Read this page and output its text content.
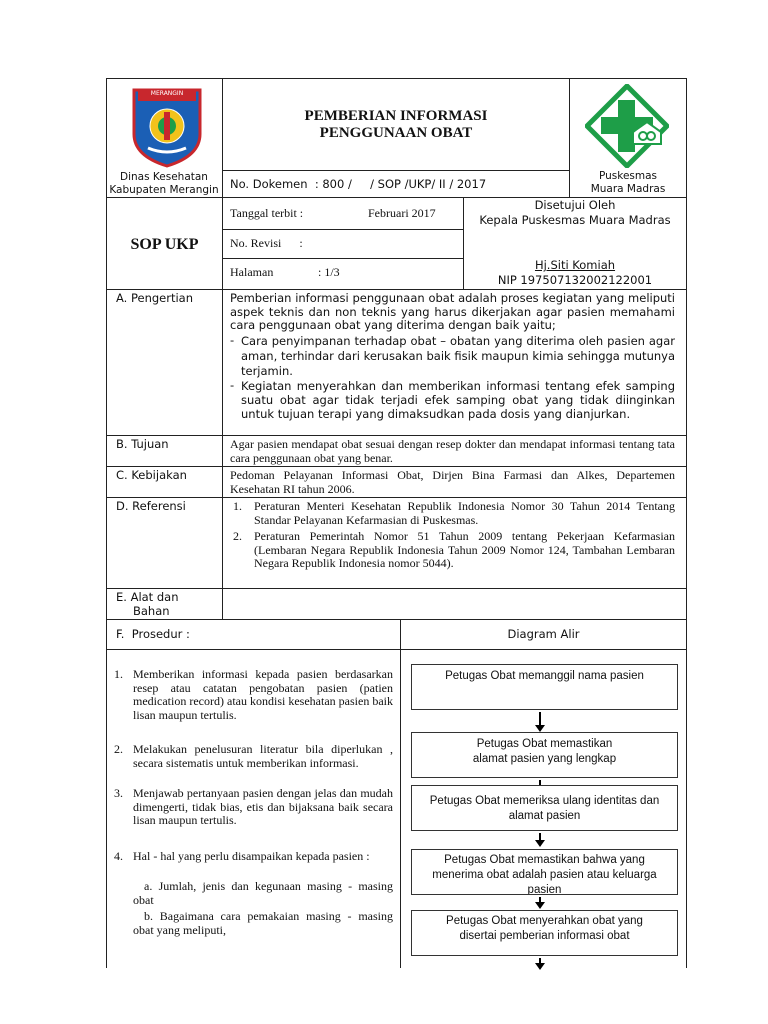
MERANGIN
Dinas Kesehatan
Kabupaten Merangin
PEMBERIAN INFORMASI
PENGGUNAAN OBAT
Puskesmas
Muara Madras
No. Dokemen  : 800 /     / SOP /UKP/ II / 2017
SOP UKP
Tanggal terbit :	Februari 2017
No. Revisi      :
Halaman	: 1/3
Disetujui Oleh
Kepala Puskesmas Muara Madras
Hj.Siti Komiah
NIP 197507132002122001
A. Pengertian	Pemberian informasi penggunaan obat adalah proses kegiatan yang meliputi aspek teknis dan non teknis yang harus dikerjakan agar pasien memahami cara penggunaan obat yang diterima dengan baik yaitu;
- Cara penyimpanan terhadap obat – obatan yang diterima oleh pasien agar aman, terhindar dari kerusakan baik fisik maupun kimia sehingga mutunya terjamin.
- Kegiatan menyerahkan dan memberikan informasi tentang efek samping suatu obat agar tidak terjadi efek samping obat yang tidak diinginkan untuk tujuan terapi yang dimaksudkan pada dosis yang dianjurkan.
B. Tujuan	Agar pasien mendapat obat sesuai dengan resep dokter dan mendapat informasi tentang tata cara penggunaan obat yang benar.
C. Kebijakan	Pedoman Pelayanan Informasi Obat, Dirjen Bina Farmasi dan Alkes, Departemen Kesehatan RI tahun 2006.
D. Referensi	1. Peraturan Menteri Kesehatan Republik Indonesia Nomor 30 Tahun 2014 Tentang Standar Pelayanan Kefarmasian di Puskesmas.
2. Peraturan Pemerintah Nomor 51 Tahun 2009 tentang Pekerjaan Kefarmasian (Lembaran Negara Republik Indonesia Tahun 2009 Nomor 124, Tambahan Lembaran Negara Republik Indonesia nomor 5044).
E. Alat dan
Bahan
F.  Prosedur :	Diagram Alir
1. Memberikan informasi kepada pasien berdasarkan resep atau catatan pengobatan pasien (patien medication record) atau kondisi kesehatan pasien baik lisan maupun tertulis.
2. Melakukan penelusuran literatur bila diperlukan , secara sistematis untuk memberikan informasi.
3. Menjawab pertanyaan pasien dengan jelas dan mudah dimengerti, tidak bias, etis dan bijaksana baik secara lisan maupun tertulis.
4. Hal - hal yang perlu disampaikan kepada pasien :
a. Jumlah, jenis dan kegunaan masing - masing obat
b. Bagaimana cara pemakaian masing - masing obat yang meliputi,
Petugas Obat memanggil nama pasien
Petugas Obat memastikan alamat pasien yang lengkap
Petugas Obat memeriksa ulang identitas dan alamat pasien
Petugas Obat memastikan bahwa yang menerima obat adalah pasien atau keluarga pasien
Petugas Obat menyerahkan obat yang disertai pemberian informasi obat
